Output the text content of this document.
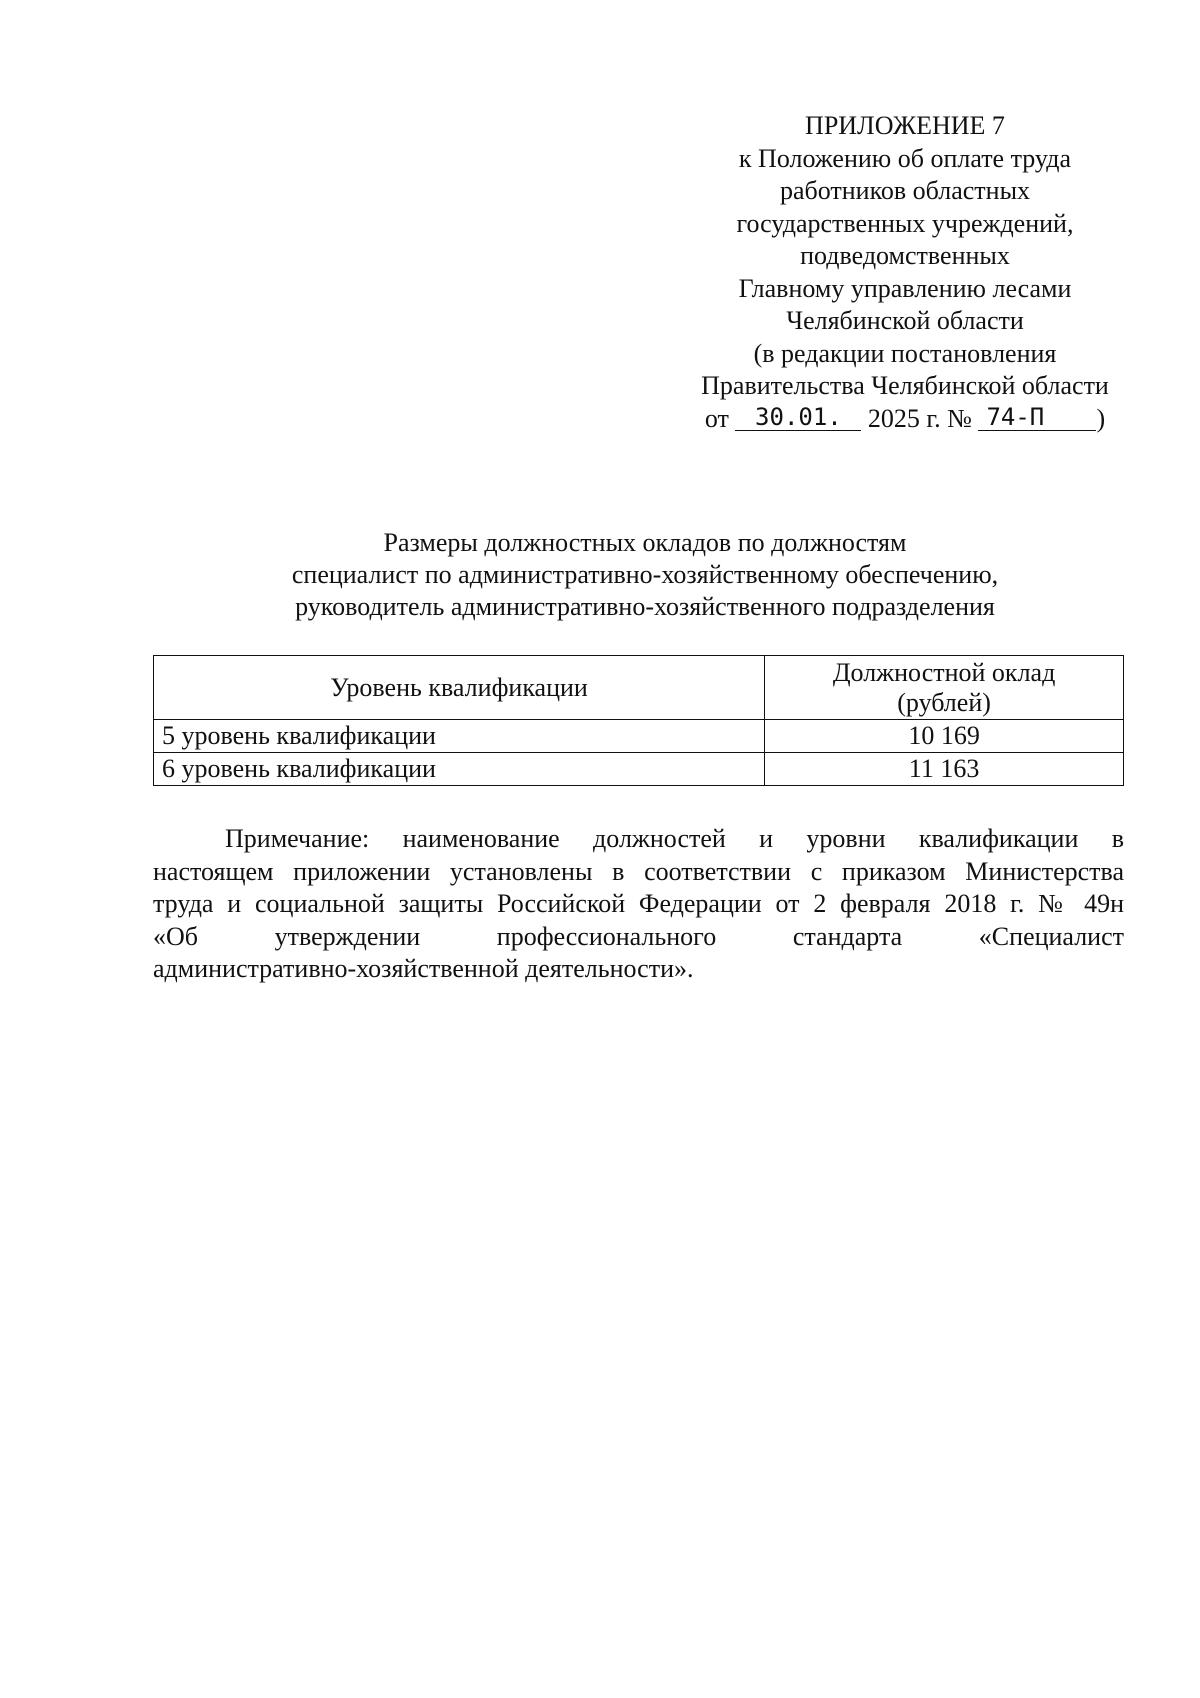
ПРИЛОЖЕНИЕ 7
к Положению об оплате труда
работников областных
государственных учреждений,
подведомственных
Главному управлению лесами
Челябинской области
(в редакции постановления
Правительства Челябинской области
от 30.01. 2025 г. № 74-П )
Размеры должностных окладов по должностям
специалист по административно-хозяйственному обеспечению,
руководитель административно-хозяйственного подразделения
Уровень квалификации	Должностной оклад
(рублей)
5 уровень квалификации	10 169
6 уровень квалификации	11 163
Примечание: наименование должностей и уровни квалификации в
настоящем приложении установлены в соответствии с приказом Министерства
труда и социальной защиты Российской Федерации от 2 февраля 2018 г. № 49н
«Об утверждении профессионального стандарта «Специалист
административно-хозяйственной деятельности».
